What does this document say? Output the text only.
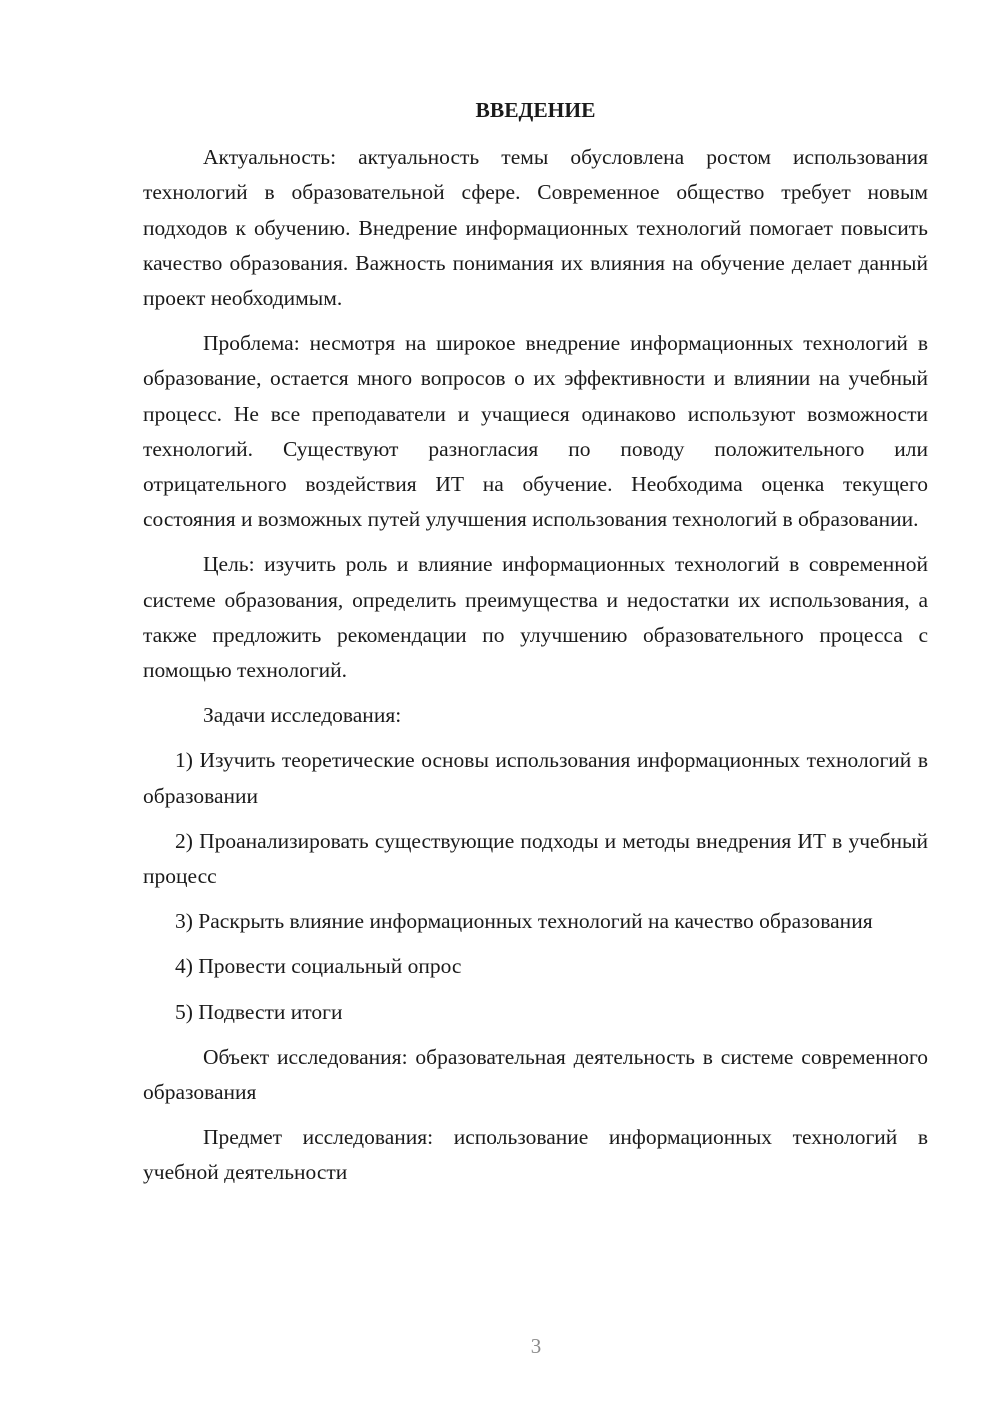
ВВЕДЕНИЕ

Актуальность: актуальность темы обусловлена ростом использования технологий в образовательной сфере. Современное общество требует новым подходов к обучению. Внедрение информационных технологий помогает повысить качество образования. Важность понимания их влияния на обучение делает данный проект необходимым.

Проблема: несмотря на широкое внедрение информационных технологий в образование, остается много вопросов о их эффективности и влиянии на учебный процесс. Не все преподаватели и учащиеся одинаково используют возможности технологий. Существуют разногласия по поводу положительного или отрицательного воздействия ИТ на обучение. Необходима оценка текущего состояния и возможных путей улучшения использования технологий в образовании.

Цель: изучить роль и влияние информационных технологий в современной системе образования, определить преимущества и недостатки их использования, а также предложить рекомендации по улучшению образовательного процесса с помощью технологий.

Задачи исследования:

1) Изучить теоретические основы использования информационных технологий в образовании

2) Проанализировать существующие подходы и методы внедрения ИТ в учебный процесс

3) Раскрыть влияние информационных технологий на качество образования

4) Провести социальный опрос

5) Подвести итоги

Объект исследования: образовательная деятельность в системе современного образования

Предмет исследования: использование информационных технологий в учебной деятельности

3
